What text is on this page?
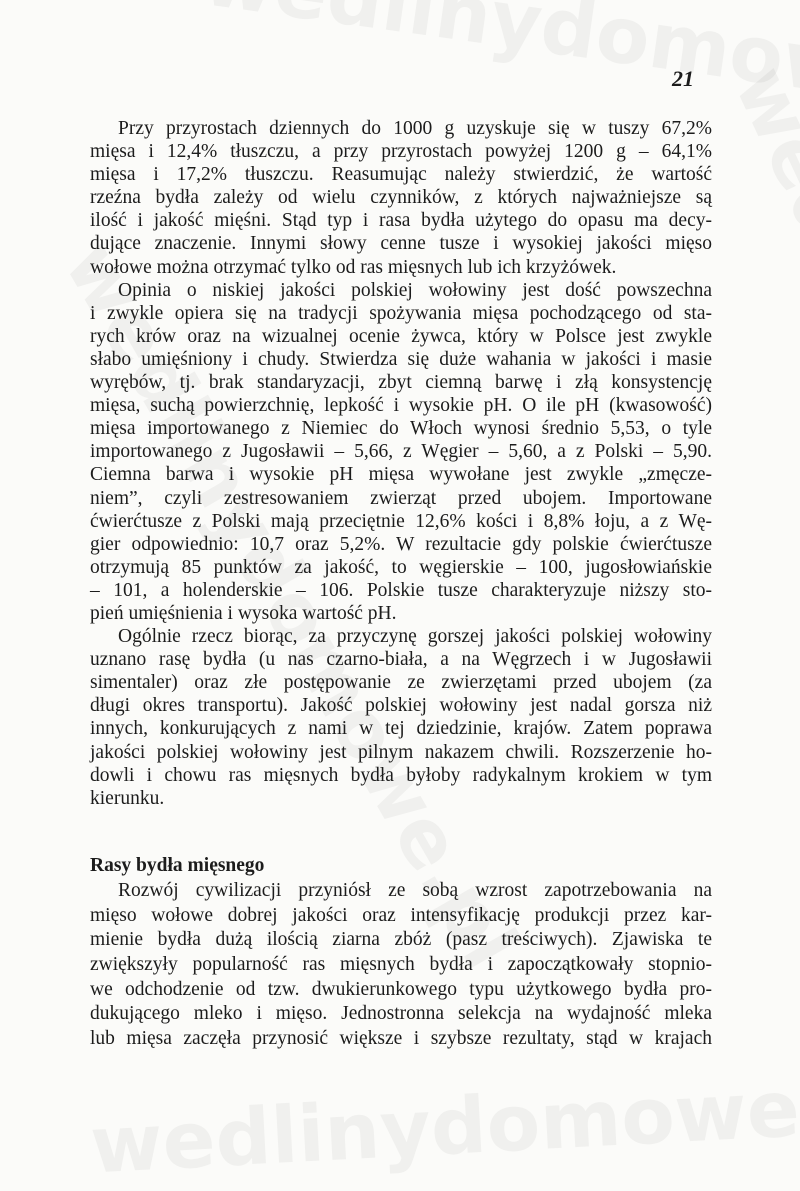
21
Przy przyrostach dziennych do 1000 g uzyskuje się w tuszy 67,2%
mięsa i 12,4% tłuszczu, a przy przyrostach powyżej 1200 g – 64,1%
mięsa i 17,2% tłuszczu. Reasumując należy stwierdzić, że wartość
rzeźna bydła zależy od wielu czynników, z których najważniejsze są
ilość i jakość mięśni. Stąd typ i rasa bydła użytego do opasu ma decy-
dujące znaczenie. Innymi słowy cenne tusze i wysokiej jakości mięso
wołowe można otrzymać tylko od ras mięsnych lub ich krzyżówek.
Opinia o niskiej jakości polskiej wołowiny jest dość powszechna
i zwykle opiera się na tradycji spożywania mięsa pochodzącego od sta-
rych krów oraz na wizualnej ocenie żywca, który w Polsce jest zwykle
słabo umięśniony i chudy. Stwierdza się duże wahania w jakości i masie
wyrębów, tj. brak standaryzacji, zbyt ciemną barwę i złą konsystencję
mięsa, suchą powierzchnię, lepkość i wysokie pH. O ile pH (kwasowość)
mięsa importowanego z Niemiec do Włoch wynosi średnio 5,53, o tyle
importowanego z Jugosławii – 5,66, z Węgier – 5,60, a z Polski – 5,90.
Ciemna barwa i wysokie pH mięsa wywołane jest zwykle „zmęcze-
niem”, czyli zestresowaniem zwierząt przed ubojem. Importowane
ćwierćtusze z Polski mają przeciętnie 12,6% kości i 8,8% łoju, a z Wę-
gier odpowiednio: 10,7 oraz 5,2%. W rezultacie gdy polskie ćwierćtusze
otrzymują 85 punktów za jakość, to węgierskie – 100, jugosłowiańskie
– 101, a holenderskie – 106. Polskie tusze charakteryzuje niższy sto-
pień umięśnienia i wysoka wartość pH.
Ogólnie rzecz biorąc, za przyczynę gorszej jakości polskiej wołowiny
uznano rasę bydła (u nas czarno-biała, a na Węgrzech i w Jugosławii
simentaler) oraz złe postępowanie ze zwierzętami przed ubojem (za
długi okres transportu). Jakość polskiej wołowiny jest nadal gorsza niż
innych, konkurujących z nami w tej dziedzinie, krajów. Zatem poprawa
jakości polskiej wołowiny jest pilnym nakazem chwili. Rozszerzenie ho-
dowli i chowu ras mięsnych bydła byłoby radykalnym krokiem w tym
kierunku.
Rasy bydła mięsnego
Rozwój cywilizacji przyniósł ze sobą wzrost zapotrzebowania na
mięso wołowe dobrej jakości oraz intensyfikację produkcji przez kar-
mienie bydła dużą ilością ziarna zbóż (pasz treściwych). Zjawiska te
zwiększyły popularność ras mięsnych bydła i zapoczątkowały stopnio-
we odchodzenie od tzw. dwukierunkowego typu użytkowego bydła pro-
dukującego mleko i mięso. Jednostronna selekcja na wydajność mleka
lub mięsa zaczęła przynosić większe i szybsze rezultaty, stąd w krajach
